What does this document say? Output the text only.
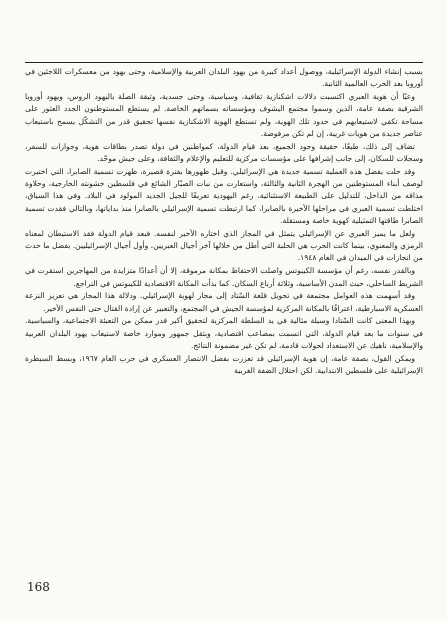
بسبب إنشاء الدولة الإسرائيلية، ووصول أعداد كبيرة من يهود البلدان العربية والإسلامية، وحتى يهود من معسكرات اللاجئين في أوروبا بعد الحرب العالمية الثانية.

وعيًا أن هوية العبري اكتسبت دلالات اشكنازية ثقافية، وسياسية، وحتى جسدية، وثيقة الصلة باليهود الروس، ويهود أوروبا الشرقية بصفة عامة، الذين وسموا مجتمع اليشوف ومؤسساته بسماتهم الخاصة. لم يستطع المستوطنون الجدد العثور على مساحة تكفي لاستيعابهم في حدود تلك الهوية، ولم تستطع الهوية الاشكنازية نفسها تحقيق قدر من التشكّل يسمح باستيعاب عناصر جديدة من هويات غريبة، إن لم تكن مرفوضة.

تضاف إلى ذلك، طبعًا، حقيقة وجود الجميع، بعد قيام الدولة، كمواطنين في دولة تصدر بطاقات هوية، وجوازات للسفر، وسجلات للسكان، إلى جانب إشرافها على مؤسسات مركزية للتعليم والإعلام والثقافة، وعلى جيش موحّد.

وقد حلت بفضل هذه العملية تسمية جديدة هي الإسرائيلي. وقبل ظهورها بفترة قصيرة، ظهرت تسمية الصابرا، التي اختيرت لوصف أبناء المستوطنين من الهجرة الثانية والثالثة، واستعارت من نبات الصبّار الشائع في فلسطين خشونته الخارجية، وحلاوة مذاقه من الداخل، للتدليل على الطبيعة الاستثنائية، رغم اليهودية تعريفًا للجيل الجديد المولود في البلاد. وفي هذا السياق، اختلطت تسمية العبري في مراحلها الأخيرة بالصابرا، كما ارتبطت تسمية الإسرائيلي بالصابرا منذ بداياتها، وبالتالي فقدت تسمية الصابرا طاقتها التمثيلية كهوية خاصة ومستقلة.

ولعل ما يميز العبري عن الإسرائيلي يتمثل في المجاز الذي اختاره الأخير لنفسه. فبعد قيام الدولة فقد الاستيطان لمعناه الرمزي والمعنوي، بينما كانت الحرب هي الحلبة التي أطل من خلالها آخر أجيال العبريين، وأول أجيال الإسرائيليين. بفضل ما حدث من انجازات في الميدان في العام ١٩٤٨.

وبالقدر نفسه، رغم أن مؤسسة الكيبوتس واصلت الاحتفاظ بمكانة مرموقة، إلا أن أعدادًا متزايدة من المهاجرين استقرت في الشريط الساحلي، حيث المدن الأساسية، وثلاثة أرباع السكان. كما بدأت المكانة الاقتصادية للكيبوتس في التراجع.

وقد أسهمت هذه العوامل مجتمعة في تحويل قلعة السّتاد إلى مجاز لهوية الإسرائيلي. ودلالة هذا المجاز هي تعزيز النزعة العسكرية الاسبارطية، اعترافًا بالمكانة المركزية لمؤسسة الجيش في المجتمع، والتعبير عن إرادة القتال حتى النفس الأخير.

وبهذا المعنى كانت السّتادا وسيلة مثالية في يد السلطة المركزية لتحقيق أكبر قدر ممكن من التعبئة الاجتماعية، والسياسية. في سنوات ما بعد قيام الدولة، التي اتسمت بمصاعب اقتصادية، وبثقل جمهور وموارد خاصة لاستيعاب يهود البلدان العربية والإسلامية، ناهيك عن الاستعداد لجولات قادمة، لم تكن غير مضمونة النتائج.

ويمكن القول، بصفة عامة، إن هوية الإسرائيلي قد تعززت بفضل الانتصار العسكري في حرب العام ١٩٦٧، وبسط السيطرة الإسرائيلية على فلسطين الانتدابية. لكن احتلال الضفة الغربية

168
